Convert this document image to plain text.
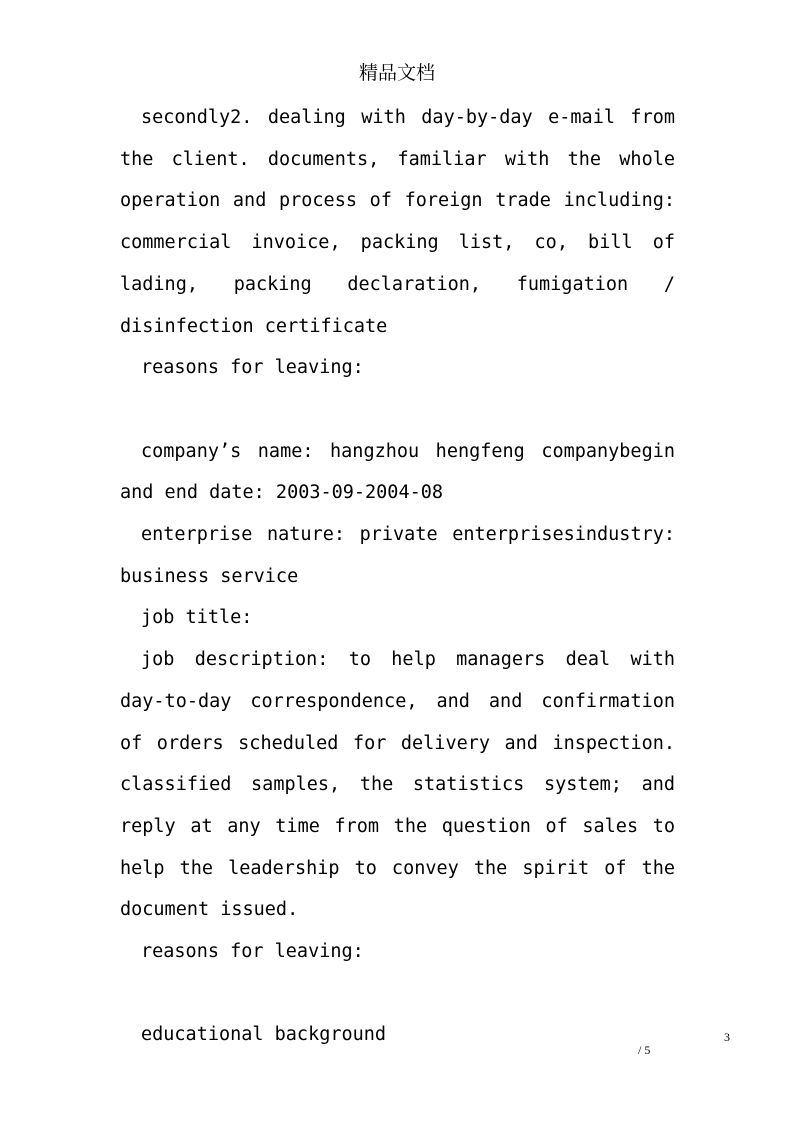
精品文档

secondly2. dealing with day-by-day e-mail from the client. documents, familiar with the whole operation and process of foreign trade including: commercial invoice, packing list, co, bill of lading, packing declaration, fumigation / disinfection certificate

reasons for leaving:

company’s name: hangzhou hengfeng companybegin and end date: 2003-09-2004-08

enterprise nature: private enterprisesindustry: business service

job title:

job description: to help managers deal with day-to-day correspondence, and and confirmation of orders scheduled for delivery and inspection. classified samples, the statistics system; and reply at any time from the question of sales to help the leadership to convey the spirit of the document issued.

reasons for leaving:

educational background	3
/ 5
